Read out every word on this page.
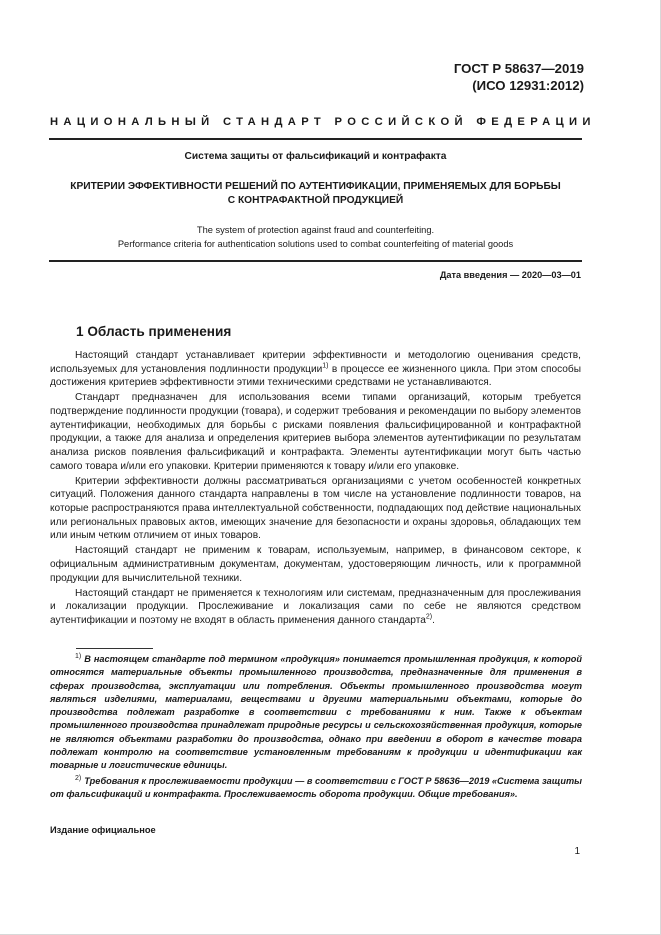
ГОСТ Р 58637—2019
(ИСО 12931:2012)
НАЦИОНАЛЬНЫЙ СТАНДАРТ РОССИЙСКОЙ ФЕДЕРАЦИИ
Система защиты от фальсификаций и контрафакта
КРИТЕРИИ ЭФФЕКТИВНОСТИ РЕШЕНИЙ ПО АУТЕНТИФИКАЦИИ, ПРИМЕНЯЕМЫХ ДЛЯ БОРЬБЫ
С КОНТРАФАКТНОЙ ПРОДУКЦИЕЙ
The system of protection against fraud and counterfeiting.
Performance criteria for authentication solutions used to combat counterfeiting of material goods
Дата введения — 2020—03—01
1 Область применения

Настоящий стандарт устанавливает критерии эффективности и методологию оценивания средств, используемых для установления подлинности продукции$^{1)}$ в процессе ее жизненного цикла. При этом способы достижения критериев эффективности этими техническими средствами не устанавливаются.

Стандарт предназначен для использования всеми типами организаций, которым требуется подтверждение подлинности продукции (товара), и содержит требования и рекомендации по выбору элементов аутентификации, необходимых для борьбы с рисками появления фальсифицированной и контрафактной продукции, а также для анализа и определения критериев выбора элементов аутентификации по результатам анализа рисков появления фальсификаций и контрафакта. Элементы аутентификации могут быть частью самого товара и/или его упаковки. Критерии применяются к товару и/или его упаковке.

Критерии эффективности должны рассматриваться организациями с учетом особенностей конкретных ситуаций. Положения данного стандарта направлены в том числе на установление подлинности товаров, на которые распространяются права интеллектуальной собственности, подпадающих под действие национальных или региональных правовых актов, имеющих значение для безопасности и охраны здоровья, обладающих тем или иным четким отличием от иных товаров.

Настоящий стандарт не применим к товарам, используемым, например, в финансовом секторе, к официальным административным документам, документам, удостоверяющим личность, или к программной продукции для вычислительной техники.

Настоящий стандарт не применяется к технологиям или системам, предназначенным для прослеживания и локализации продукции. Прослеживание и локализация сами по себе не являются средством аутентификации и поэтому не входят в область применения данного стандарта$^{2)}$.

$^{1)}$ В настоящем стандарте под термином «продукция» понимается промышленная продукция, к которой относятся материальные объекты промышленного производства, предназначенные для применения в сферах производства, эксплуатации или потребления. Объекты промышленного производства могут являться изделиями, материалами, веществами и другими материальными объектами, которые до производства подлежат разработке в соответствии с требованиями к ним. Также к объектам промышленного производства принадлежат природные ресурсы и сельскохозяйственная продукция, которые не являются объектами разработки до производства, однако при введении в оборот в качестве товара подлежат контролю на соответствие установленным требованиям к продукции и идентификации как товарные и логистические единицы.

$^{2)}$ Требования к прослеживаемости продукции — в соответствии с ГОСТ Р 58636—2019 «Система защиты от фальсификаций и контрафакта. Прослеживаемость оборота продукции. Общие требования».

Издание официальное
1
